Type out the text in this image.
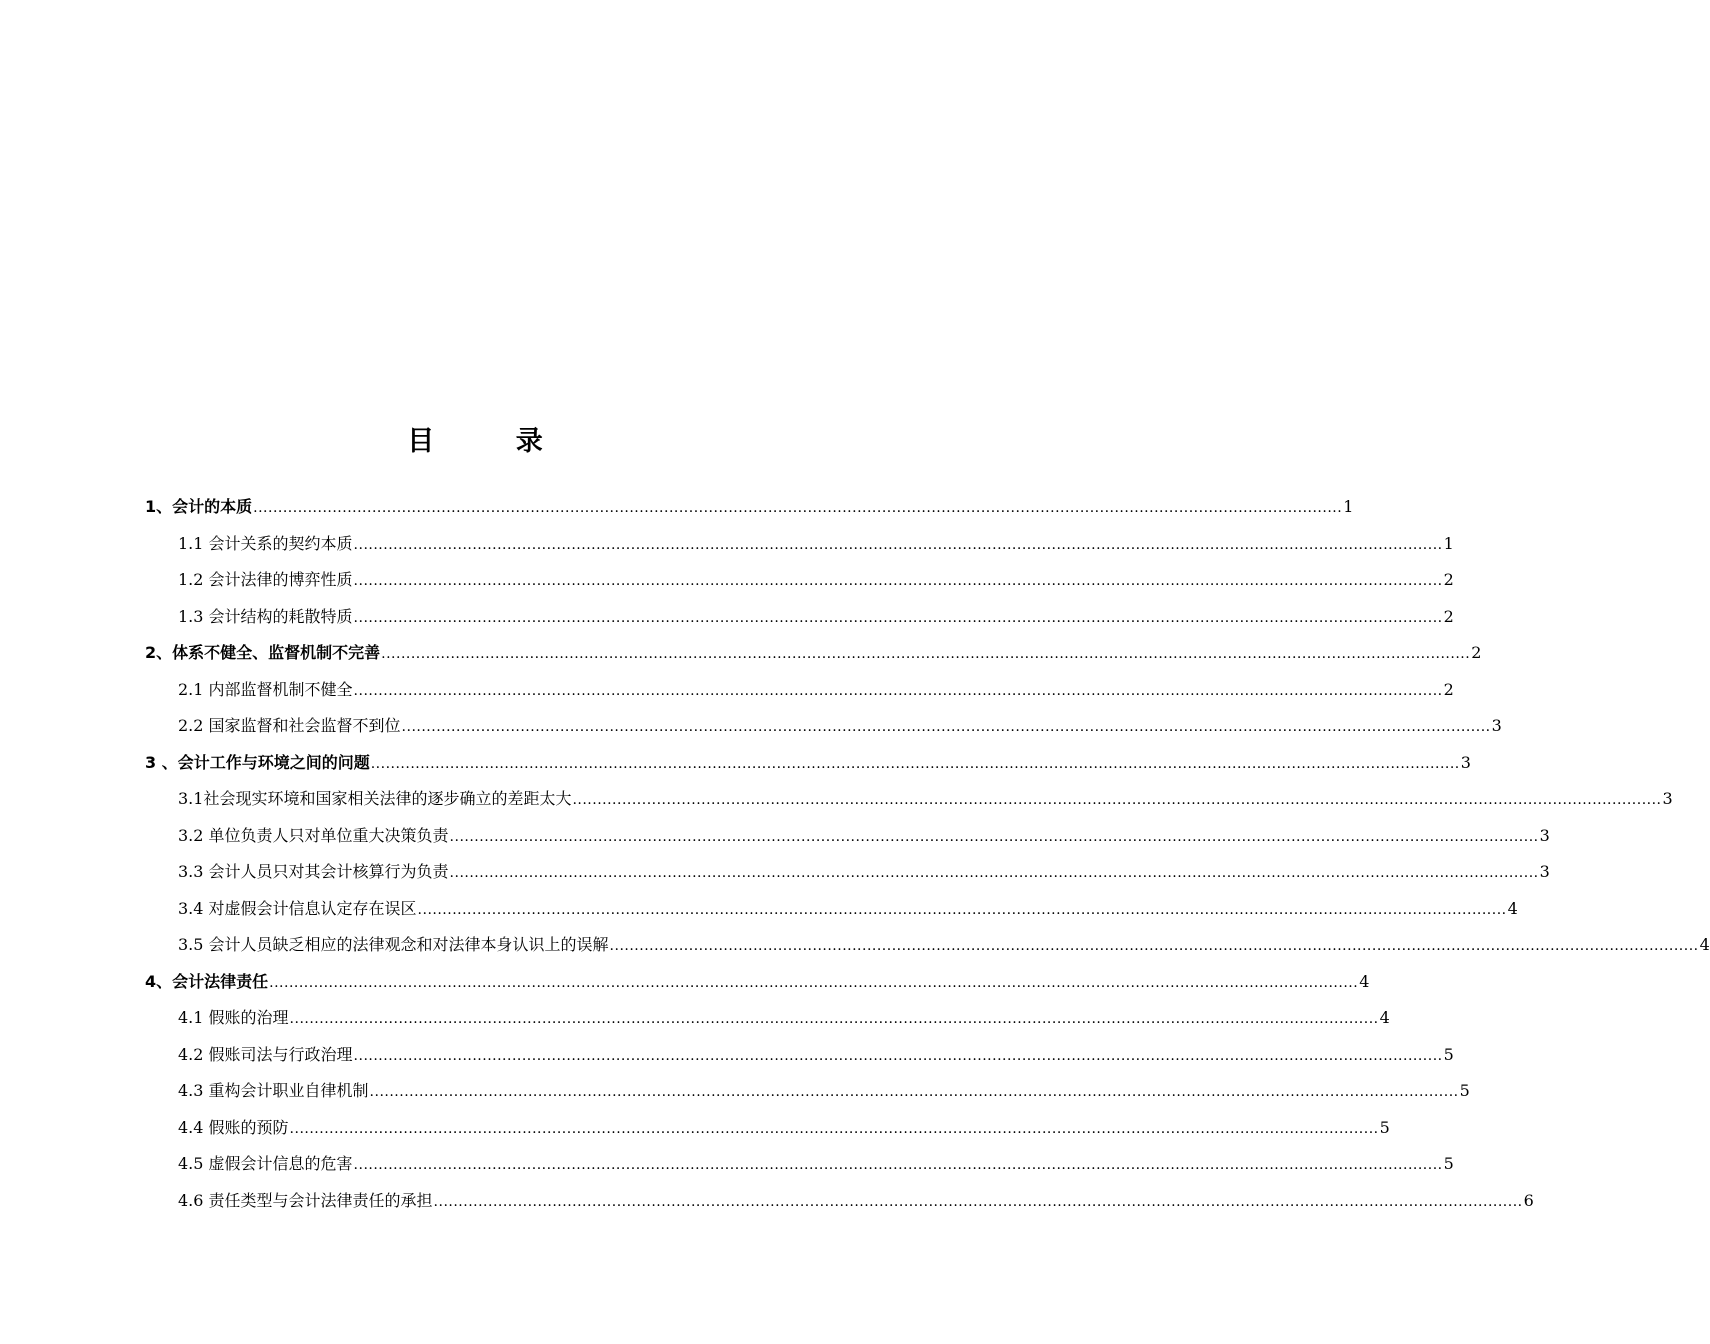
目 录
1、会计的本质 ............................................................................................................................................................................................................................ 1
1.1 会计关系的契约本质 ............................................................................................................................................................................................................................ 1
1.2 会计法律的博弈性质 ............................................................................................................................................................................................................................ 2
1.3 会计结构的耗散特质 ............................................................................................................................................................................................................................ 2
2、体系不健全、监督机制不完善 ............................................................................................................................................................................................................................ 2
2.1 内部监督机制不健全 ............................................................................................................................................................................................................................ 2
2.2 国家监督和社会监督不到位 ............................................................................................................................................................................................................................ 3
3 、会计工作与环境之间的问题 ............................................................................................................................................................................................................................ 3
3.1社会现实环境和国家相关法律的逐步确立的差距太大 ............................................................................................................................................................................................................................ 3
3.2 单位负责人只对单位重大决策负责 ............................................................................................................................................................................................................................ 3
3.3 会计人员只对其会计核算行为负责 ............................................................................................................................................................................................................................ 3
3.4 对虚假会计信息认定存在误区 ............................................................................................................................................................................................................................ 4
3.5 会计人员缺乏相应的法律观念和对法律本身认识上的误解 ............................................................................................................................................................................................................................ 4
4、会计法律责任 ............................................................................................................................................................................................................................ 4
4.1 假账的治理 ............................................................................................................................................................................................................................ 4
4.2 假账司法与行政治理 ............................................................................................................................................................................................................................ 5
4.3 重构会计职业自律机制 ............................................................................................................................................................................................................................ 5
4.4 假账的预防 ............................................................................................................................................................................................................................ 5
4.5 虚假会计信息的危害 ............................................................................................................................................................................................................................ 5
4.6 责任类型与会计法律责任的承担 ............................................................................................................................................................................................................................ 6
